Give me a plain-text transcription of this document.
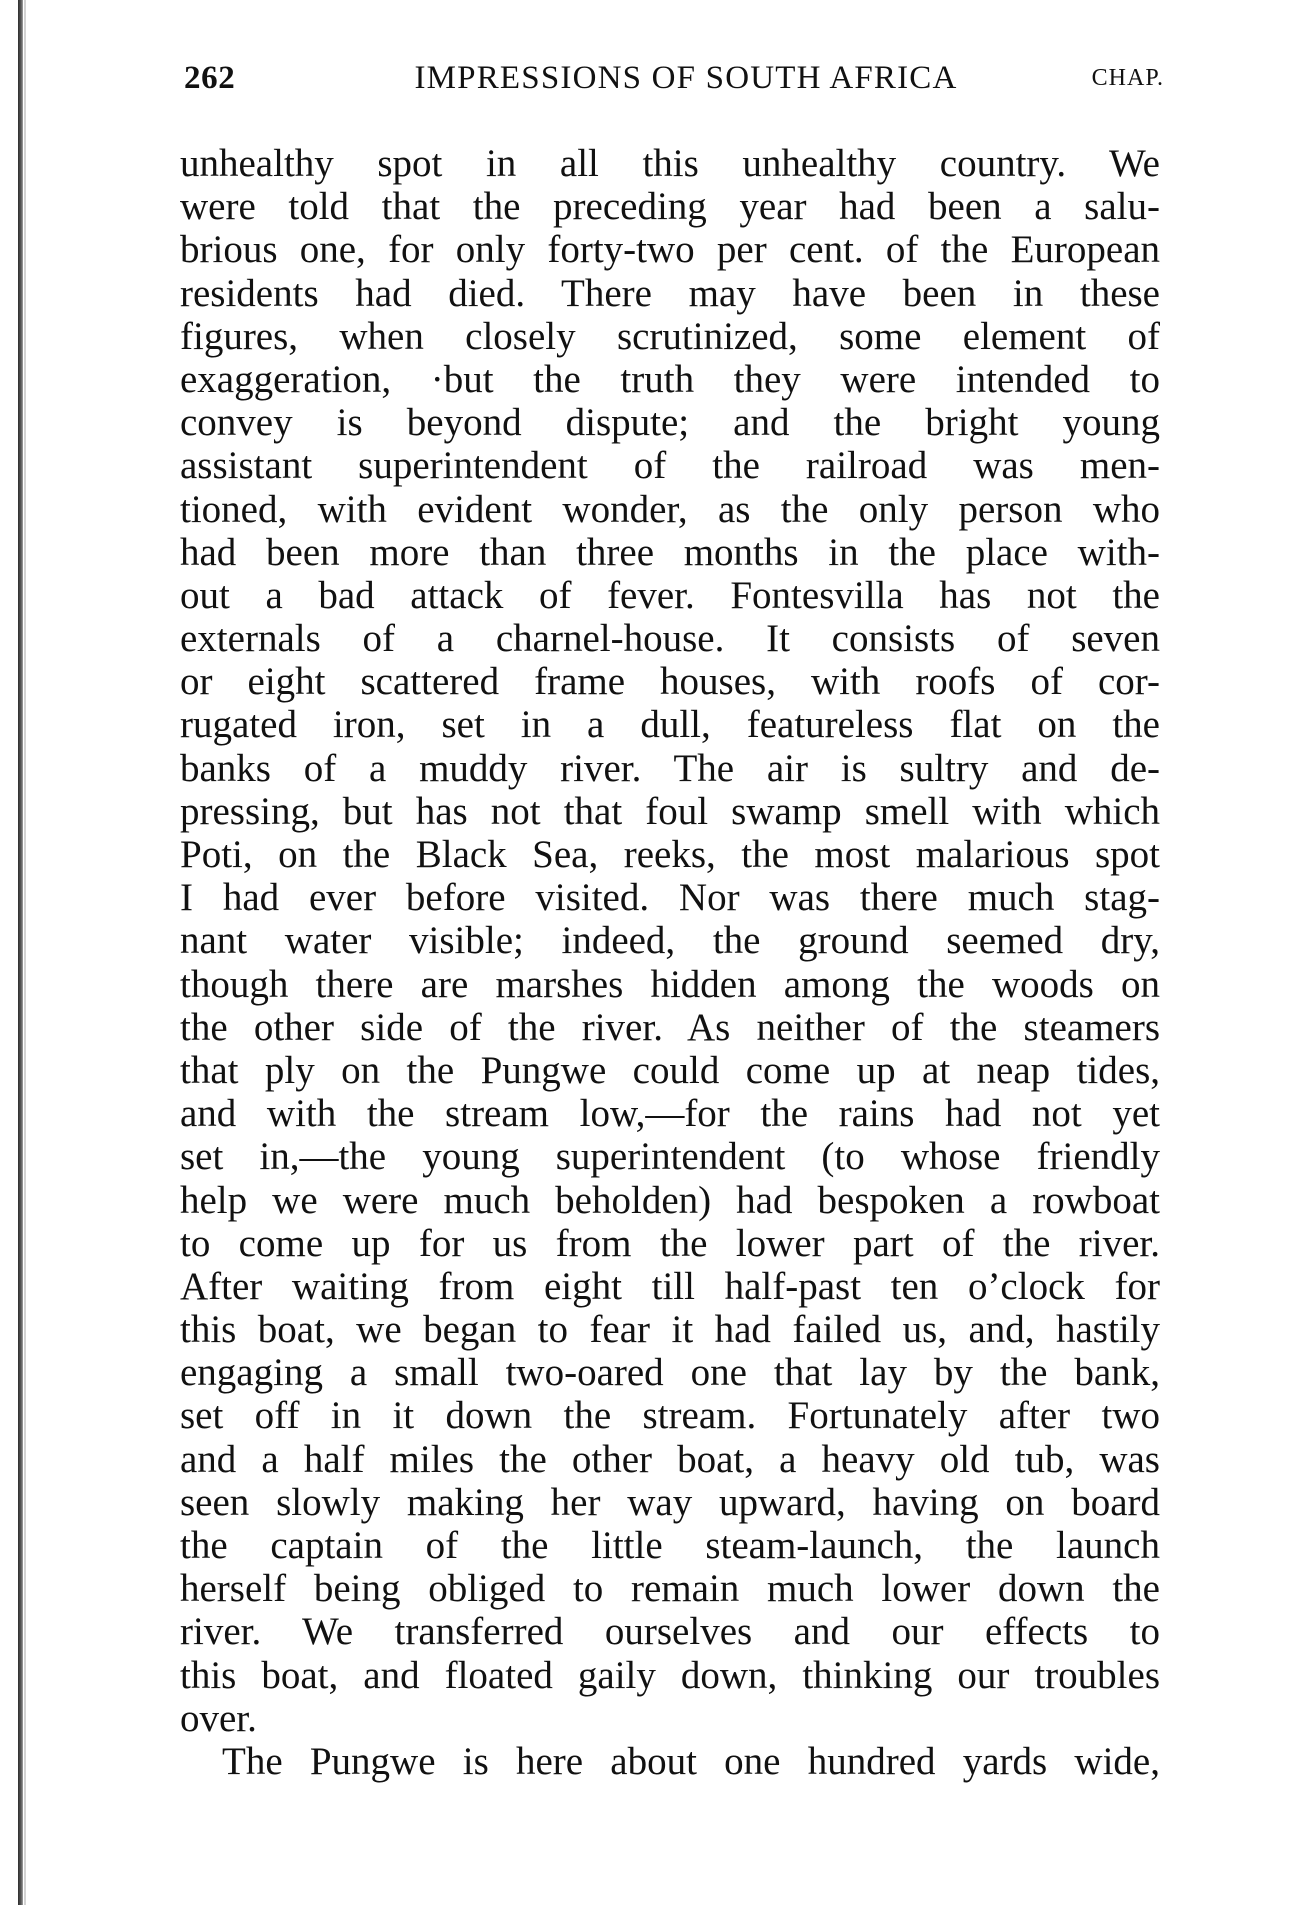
262	IMPRESSIONS OF SOUTH AFRICA	CHAP.
unhealthy spot in all this unhealthy country. We
were told that the preceding year had been a salu-
brious one, for only forty-two per cent. of the European
residents had died. There may have been in these
figures, when closely scrutinized, some element of
exaggeration, ·but the truth they were intended to
convey is beyond dispute; and the bright young
assistant superintendent of the railroad was men-
tioned, with evident wonder, as the only person who
had been more than three months in the place with-
out a bad attack of fever. Fontesvilla has not the
externals of a charnel-house. It consists of seven
or eight scattered frame houses, with roofs of cor-
rugated iron, set in a dull, featureless flat on the
banks of a muddy river. The air is sultry and de-
pressing, but has not that foul swamp smell with which
Poti, on the Black Sea, reeks, the most malarious spot
I had ever before visited. Nor was there much stag-
nant water visible; indeed, the ground seemed dry,
though there are marshes hidden among the woods on
the other side of the river. As neither of the steamers
that ply on the Pungwe could come up at neap tides,
and with the stream low,—for the rains had not yet
set in,—the young superintendent (to whose friendly
help we were much beholden) had bespoken a rowboat
to come up for us from the lower part of the river.
After waiting from eight till half-past ten o’clock for
this boat, we began to fear it had failed us, and, hastily
engaging a small two-oared one that lay by the bank,
set off in it down the stream. Fortunately after two
and a half miles the other boat, a heavy old tub, was
seen slowly making her way upward, having on board
the captain of the little steam-launch, the launch
herself being obliged to remain much lower down the
river. We transferred ourselves and our effects to
this boat, and floated gaily down, thinking our troubles
over.
The Pungwe is here about one hundred yards wide,
